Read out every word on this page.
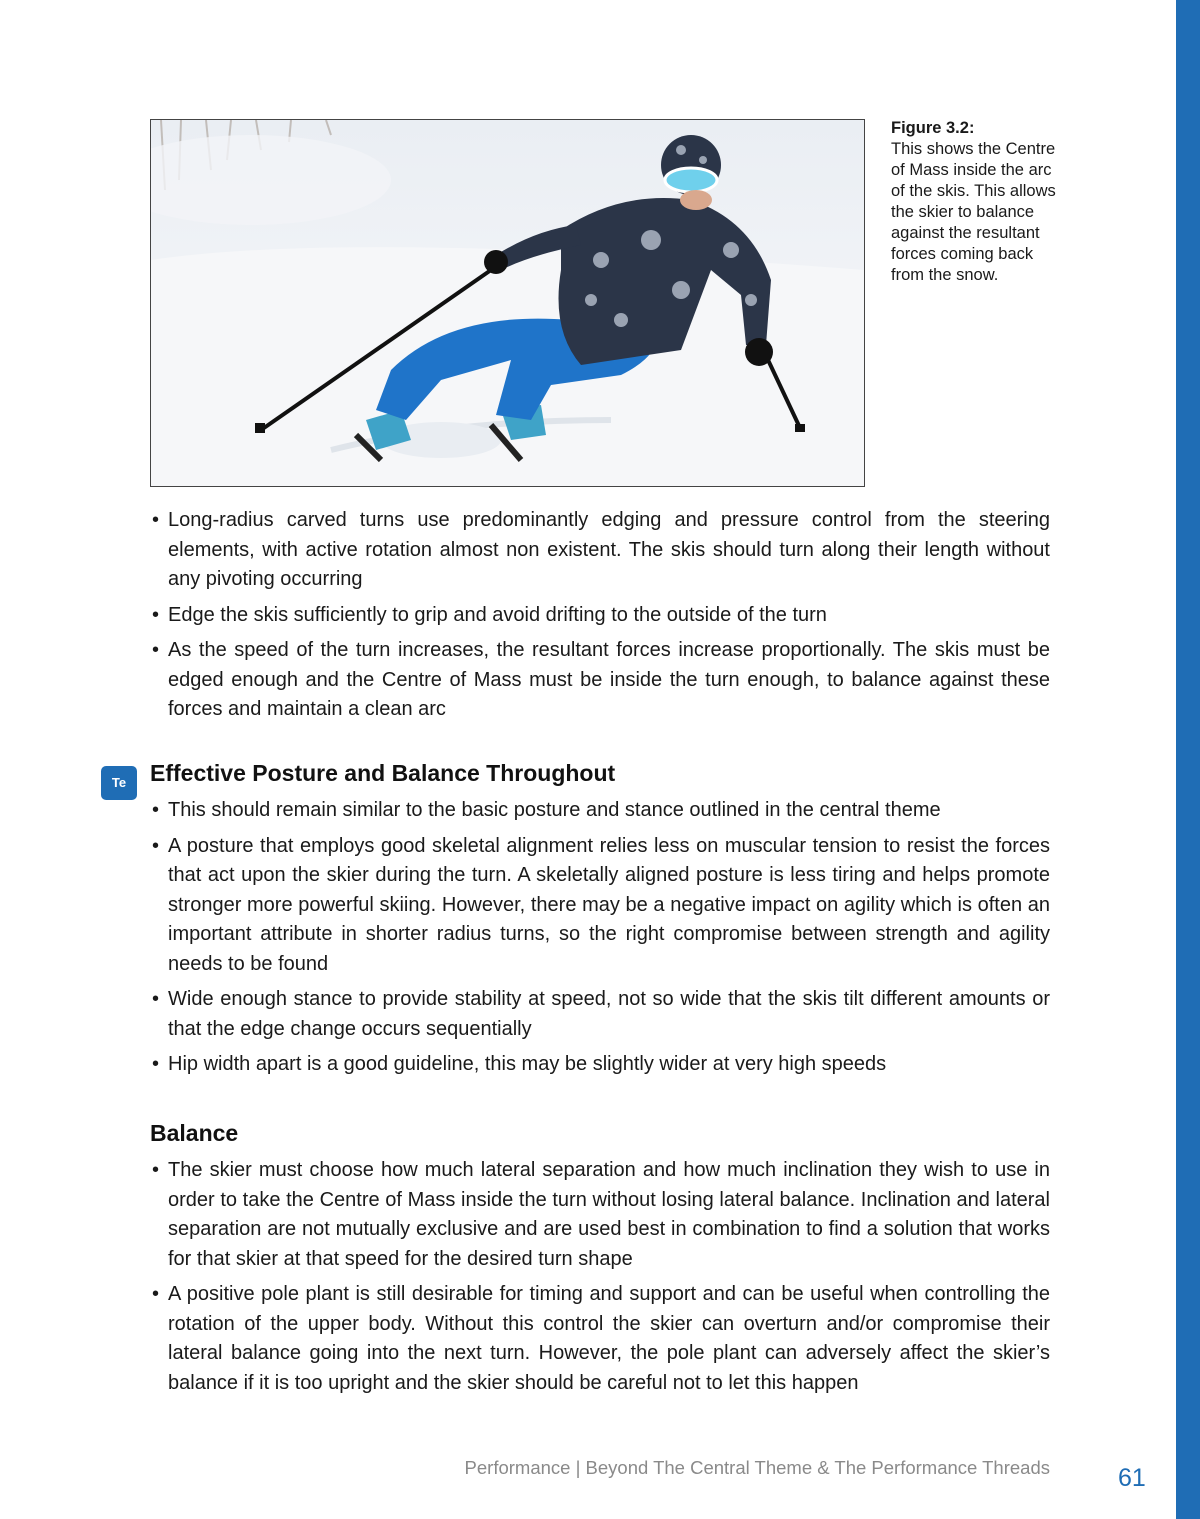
Figure 3.2:
This shows the Centre of Mass inside the arc of the skis. This allows the skier to balance against the resultant forces coming back from the snow.
• Long-radius carved turns use predominantly edging and pressure control from the steering elements, with active rotation almost non existent. The skis should turn along their length without any pivoting occurring
• Edge the skis sufficiently to grip and avoid drifting to the outside of the turn
• As the speed of the turn increases, the resultant forces increase proportionally. The skis must be edged enough and the Centre of Mass must be inside the turn enough, to balance against these forces and maintain a clean arc
Te	Effective Posture and Balance Throughout
• This should remain similar to the basic posture and stance outlined in the central theme
• A posture that employs good skeletal alignment relies less on muscular tension to resist the forces that act upon the skier during the turn. A skeletally aligned posture is less tiring and helps promote stronger more powerful skiing. However, there may be a negative impact on agility which is often an important attribute in shorter radius turns, so the right compromise between strength and agility needs to be found
• Wide enough stance to provide stability at speed, not so wide that the skis tilt different amounts or that the edge change occurs sequentially
• Hip width apart is a good guideline, this may be slightly wider at very high speeds
Balance
• The skier must choose how much lateral separation and how much inclination they wish to use in order to take the Centre of Mass inside the turn without losing lateral balance. Inclination and lateral separation are not mutually exclusive and are used best in combination to find a solution that works for that skier at that speed for the desired turn shape
• A positive pole plant is still desirable for timing and support and can be useful when controlling the rotation of the upper body. Without this control the skier can overturn and/or compromise their lateral balance going into the next turn. However, the pole plant can adversely affect the skier’s balance if it is too upright and the skier should be careful not to let this happen
Performance | Beyond The Central Theme & The Performance Threads	61
